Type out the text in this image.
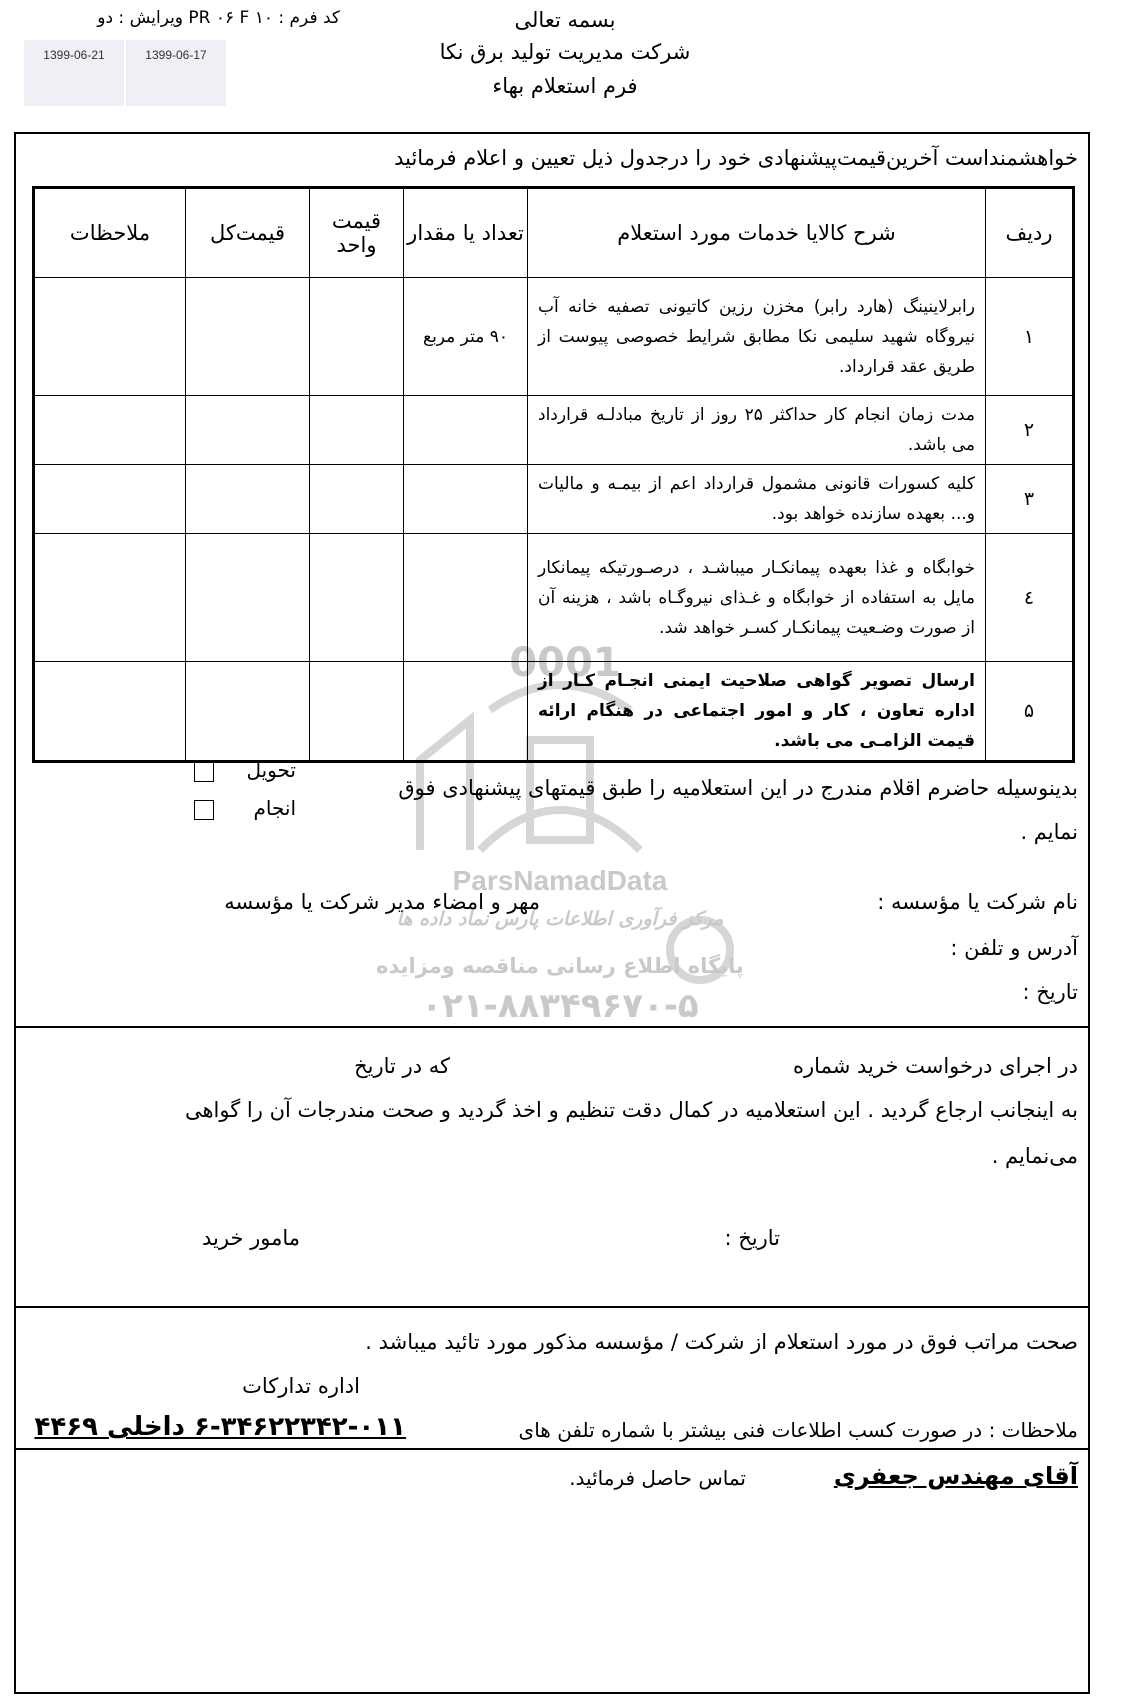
بسمه تعالی
شرکت مدیریت تولید برق نکا
فرم استعلام بهاء
کد فرم : PR ۰۶ F ۱۰ ویرایش : دو
1399-06-21	1399-06-17
0001
ParsNamadData
مرکز فرآوری اطلاعات پارس نماد داده ها
پایگاه اطلاع رسانی مناقصه ومزایده
۰۲۱-۸۸۳۴۹۶۷۰-۵
خواهشمنداست آخرین‌قیمت‌پیشنهادی خود را درجدول ذیل تعیین و اعلام فرمائید
ردیف	شرح کالایا خدمات مورد استعلام	تعداد یا مقدار	قیمت واحد	قیمت‌کل	ملاحظات
۱	رابرلاینینگ (هارد رابر) مخزن رزین کاتیونی تصفیه خانه آب نیروگاه شهید سلیمی نکا مطابق شرایط خصوصی پیوست از طریق عقد قرارداد.	۹۰ متر مربع			
۲	مدت زمان انجام کار حداکثر ۲۵ روز از تاریخ مبادلـه قرارداد می باشد.				
۳	کلیه کسورات قانونی مشمول قرارداد اعم از بیمـه و مالیات و... بعهده سازنده خواهد بود.				
٤	خوابگاه و غذا بعهده پیمانکـار میباشـد ، درصـورتیکه پیمانکار مایل به استفاده از خوابگاه و غـذای نیروگـاه باشد ، هزینه آن از صورت وضـعیت پیمانکـار کسـر خواهد شد.				
۵	ارسال تصویر گواهی صلاحیت ایمنی انجـام کـار از اداره تعاون ، کار و امور اجتماعی در هنگام ارائه قیمت الزامـی می باشد.				
بدینوسیله حاضرم اقلام مندرج در این استعلامیه را طبق قیمتهای پیشنهادی فوق
نمایم .
تحویل
انجام
نام شرکت یا مؤسسه :
مهر و امضاء مدیر شرکت یا مؤسسه
آدرس و تلفن :
تاریخ :
در اجرای درخواست خرید شماره
که در تاریخ
به اینجانب ارجاع گردید . این استعلامیه در کمال دقت تنظیم و اخذ گردید و صحت مندرجات آن را گواهی
می‌نمایم .
تاریخ :
مامور خرید
صحت مراتب فوق در مورد استعلام از شرکت / مؤسسه مذکور مورد تائید میباشد .
اداره تدارکات
ملاحظات : در صورت کسب اطلاعات فنی بیشتر با شماره تلفن های
۶-۳۴۶۲۲۳۴۲-۰۱۱ داخلی ۴۴۶۹
آقای مهندس جعفری
تماس حاصل فرمائید.
